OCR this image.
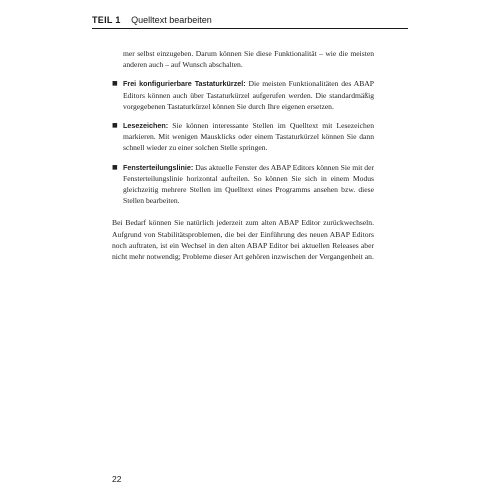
TEIL 1 Quelltext bearbeiten
mer selbst einzugeben. Darum können Sie diese Funktionalität – wie die meisten anderen auch – auf Wunsch abschalten.
■ Frei konfigurierbare Tastaturkürzel: Die meisten Funktionalitäten des ABAP Editors können auch über Tastaturkürzel aufgerufen werden. Die standardmäßig vorgegebenen Tastaturkürzel können Sie durch Ihre eigenen ersetzen.
■ Lesezeichen: Sie können interessante Stellen im Quelltext mit Lesezeichen markieren. Mit wenigen Mausklicks oder einem Tastaturkürzel können Sie dann schnell wieder zu einer solchen Stelle springen.
■ Fensterteilungslinie: Das aktuelle Fenster des ABAP Editors können Sie mit der Fensterteilungslinie horizontal aufteilen. So können Sie sich in einem Modus gleichzeitig mehrere Stellen im Quelltext eines Programms ansehen bzw. diese Stellen bearbeiten.
Bei Bedarf können Sie natürlich jederzeit zum alten ABAP Editor zurückwechseln. Aufgrund von Stabilitätsproblemen, die bei der Einführung des neuen ABAP Editors noch auftraten, ist ein Wechsel in den alten ABAP Editor bei aktuellen Releases aber nicht mehr notwendig; Probleme dieser Art gehören inzwischen der Vergangenheit an.
22
